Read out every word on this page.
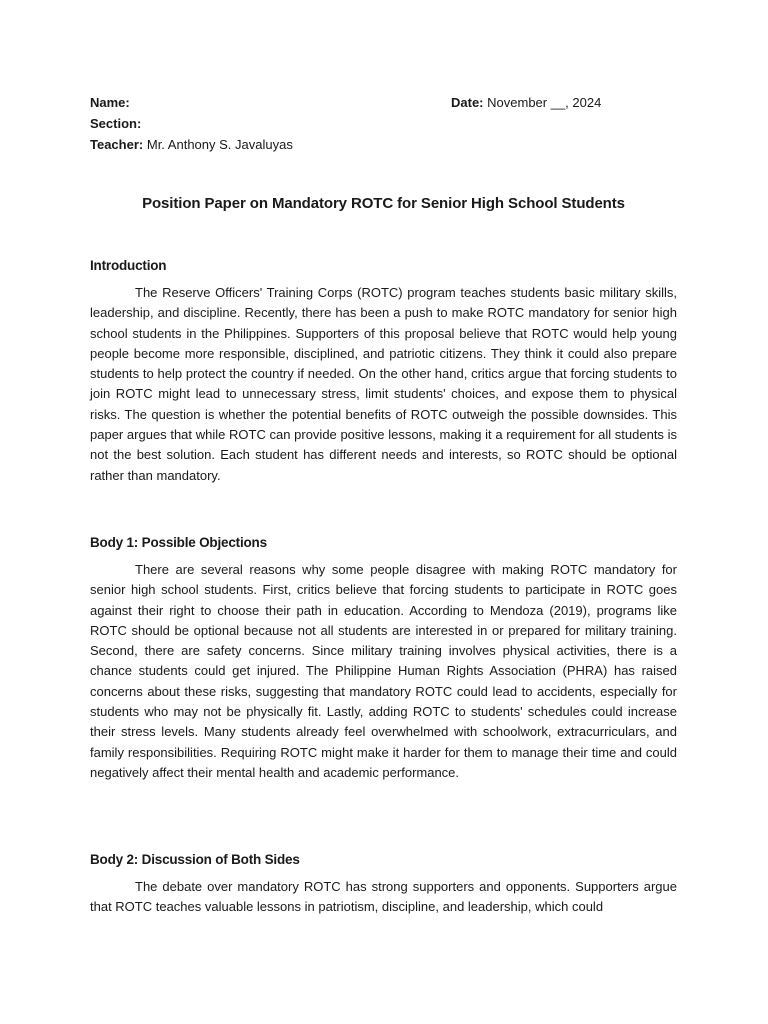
Name:
Section:
Teacher: Mr. Anthony S. Javaluyas
Date: November __, 2024
Position Paper on Mandatory ROTC for Senior High School Students
Introduction

The Reserve Officers' Training Corps (ROTC) program teaches students basic military skills, leadership, and discipline. Recently, there has been a push to make ROTC mandatory for senior high school students in the Philippines. Supporters of this proposal believe that ROTC would help young people become more responsible, disciplined, and patriotic citizens. They think it could also prepare students to help protect the country if needed. On the other hand, critics argue that forcing students to join ROTC might lead to unnecessary stress, limit students' choices, and expose them to physical risks. The question is whether the potential benefits of ROTC outweigh the possible downsides. This paper argues that while ROTC can provide positive lessons, making it a requirement for all students is not the best solution. Each student has different needs and interests, so ROTC should be optional rather than mandatory.

Body 1: Possible Objections

There are several reasons why some people disagree with making ROTC mandatory for senior high school students. First, critics believe that forcing students to participate in ROTC goes against their right to choose their path in education. According to Mendoza (2019), programs like ROTC should be optional because not all students are interested in or prepared for military training. Second, there are safety concerns. Since military training involves physical activities, there is a chance students could get injured. The Philippine Human Rights Association (PHRA) has raised concerns about these risks, suggesting that mandatory ROTC could lead to accidents, especially for students who may not be physically fit. Lastly, adding ROTC to students' schedules could increase their stress levels. Many students already feel overwhelmed with schoolwork, extracurriculars, and family responsibilities. Requiring ROTC might make it harder for them to manage their time and could negatively affect their mental health and academic performance.

Body 2: Discussion of Both Sides

The debate over mandatory ROTC has strong supporters and opponents. Supporters argue that ROTC teaches valuable lessons in patriotism, discipline, and leadership, which could
